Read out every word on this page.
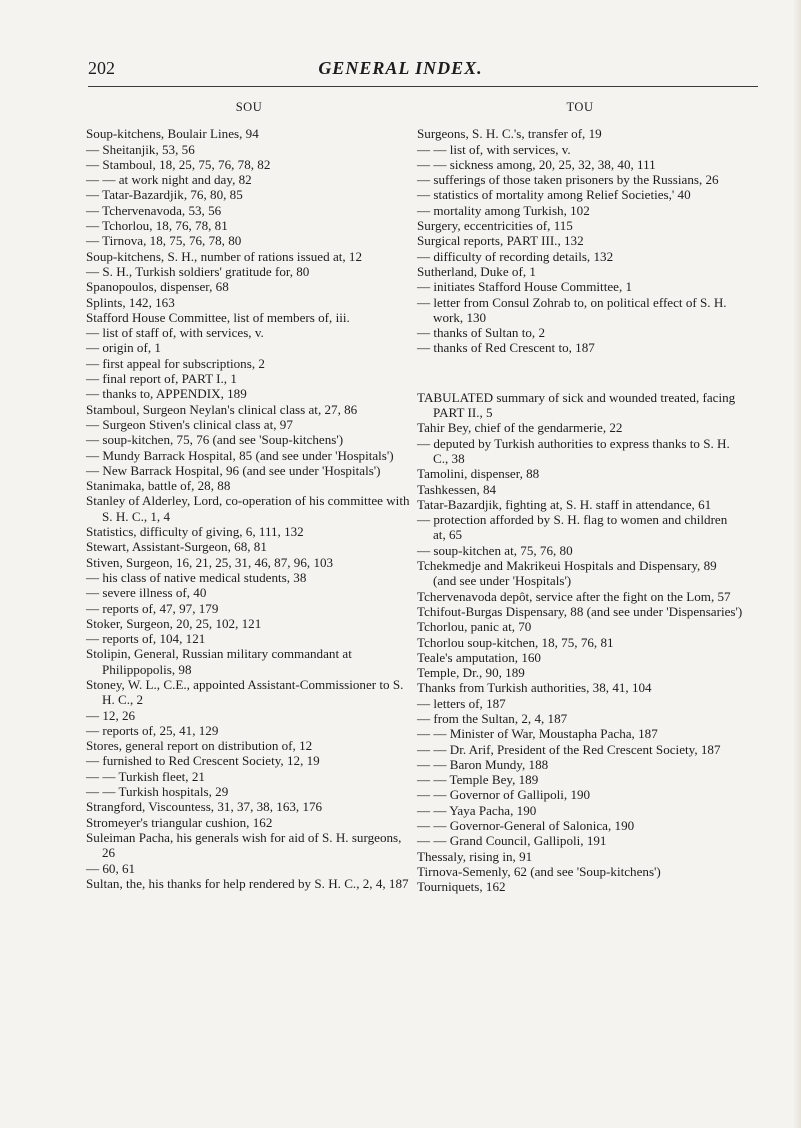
202	GENERAL INDEX.
SOU
Soup-kitchens, Boulair Lines, 94
— Sheitanjik, 53, 56
— Stamboul, 18, 25, 75, 76, 78, 82
— — at work night and day, 82
— Tatar-Bazardjik, 76, 80, 85
— Tchervenavoda, 53, 56
— Tchorlou, 18, 76, 78, 81
— Tirnova, 18, 75, 76, 78, 80
Soup-kitchens, S. H., number of rations issued at, 12
— S. H., Turkish soldiers' gratitude for, 80
Spanopoulos, dispenser, 68
Splints, 142, 163
Stafford House Committee, list of members of, iii.
— list of staff of, with services, v.
— origin of, 1
— first appeal for subscriptions, 2
— final report of, PART I., 1
— thanks to, APPENDIX, 189
Stamboul, Surgeon Neylan's clinical class at, 27, 86
— Surgeon Stiven's clinical class at, 97
— soup-kitchen, 75, 76 (and see 'Soup-kitchens')
— Mundy Barrack Hospital, 85 (and see under 'Hospitals')
— New Barrack Hospital, 96 (and see under 'Hospitals')
Stanimaka, battle of, 28, 88
Stanley of Alderley, Lord, co-operation of his committee with S. H. C., 1, 4
Statistics, difficulty of giving, 6, 111, 132
Stewart, Assistant-Surgeon, 68, 81
Stiven, Surgeon, 16, 21, 25, 31, 46, 87, 96, 103
— his class of native medical students, 38
— severe illness of, 40
— reports of, 47, 97, 179
Stoker, Surgeon, 20, 25, 102, 121
— reports of, 104, 121
Stolipin, General, Russian military commandant at Philippopolis, 98
Stoney, W. L., C.E., appointed Assistant-Commissioner to S. H. C., 2
— 12, 26
— reports of, 25, 41, 129
Stores, general report on distribution of, 12
— furnished to Red Crescent Society, 12, 19
— — Turkish fleet, 21
— — Turkish hospitals, 29
Strangford, Viscountess, 31, 37, 38, 163, 176
Stromeyer's triangular cushion, 162
Suleiman Pacha, his generals wish for aid of S. H. surgeons, 26
— 60, 61
Sultan, the, his thanks for help rendered by S. H. C., 2, 4, 187
TOU
Surgeons, S. H. C.'s, transfer of, 19
— — list of, with services, v.
— — sickness among, 20, 25, 32, 38, 40, 111
— sufferings of those taken prisoners by the Russians, 26
— statistics of mortality among Relief Societies,' 40
— mortality among Turkish, 102
Surgery, eccentricities of, 115
Surgical reports, PART III., 132
— difficulty of recording details, 132
Sutherland, Duke of, 1
— initiates Stafford House Committee, 1
— letter from Consul Zohrab to, on political effect of S. H. work, 130
— thanks of Sultan to, 2
— thanks of Red Crescent to, 187
TABULATED summary of sick and wounded treated, facing PART II., 5
Tahir Bey, chief of the gendarmerie, 22
— deputed by Turkish authorities to express thanks to S. H. C., 38
Tamolini, dispenser, 88
Tashkessen, 84
Tatar-Bazardjik, fighting at, S. H. staff in attendance, 61
— protection afforded by S. H. flag to women and children at, 65
— soup-kitchen at, 75, 76, 80
Tchekmedje and Makrikeui Hospitals and Dispensary, 89 (and see under 'Hospitals')
Tchervenavoda depôt, service after the fight on the Lom, 57
Tchifout-Burgas Dispensary, 88 (and see under 'Dispensaries')
Tchorlou, panic at, 70
Tchorlou soup-kitchen, 18, 75, 76, 81
Teale's amputation, 160
Temple, Dr., 90, 189
Thanks from Turkish authorities, 38, 41, 104
— letters of, 187
— from the Sultan, 2, 4, 187
— — Minister of War, Moustapha Pacha, 187
— — Dr. Arif, President of the Red Crescent Society, 187
— — Baron Mundy, 188
— — Temple Bey, 189
— — Governor of Gallipoli, 190
— — Yaya Pacha, 190
— — Governor-General of Salonica, 190
— — Grand Council, Gallipoli, 191
Thessaly, rising in, 91
Tirnova-Semenly, 62 (and see 'Soup-kitchens')
Tourniquets, 162
